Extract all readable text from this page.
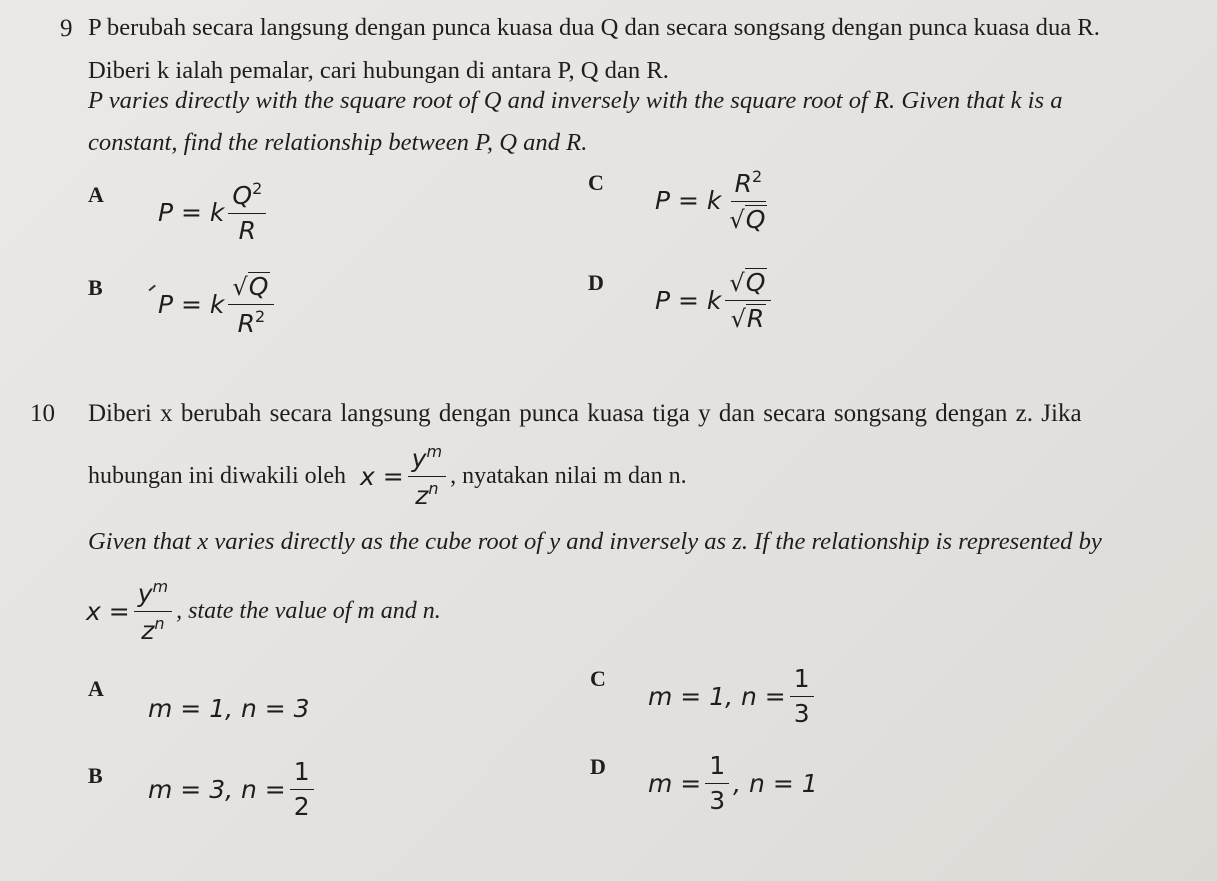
9 P berubah secara langsung dengan punca kuasa dua Q dan secara songsang dengan punca kuasa dua R.
Diberi k ialah pemalar, cari hubungan di antara P, Q dan R.
P varies directly with the square root of Q and inversely with the square root of R. Given that k is a
constant, find the relationship between P, Q and R.
A
P = k $\frac{Q^2}{R}$
B
P = k $\frac{√ Q}{R^2}$
C
P = k $\frac{R^2}{√ Q}$
D
P = k $\frac{√ Q}{√ R}$
10 Diberi x berubah secara langsung dengan punca kuasa tiga y dan secara songsang dengan z. Jika
hubungan ini diwakili oleh $x = \frac{y^m}{z^n}$ , nyatakan nilai m dan n.
Given that x varies directly as the cube root of y and inversely as z. If the relationship is represented by
$x = \frac{y^m}{z^n}$ , state the value of m and n.
A
m = 1, n = 3
B m = 3, $n = \frac{1}{2}$
C
m = 1, $n = \frac{1}{3}$
D
$m = \frac{1}{3}$ , n = 1
